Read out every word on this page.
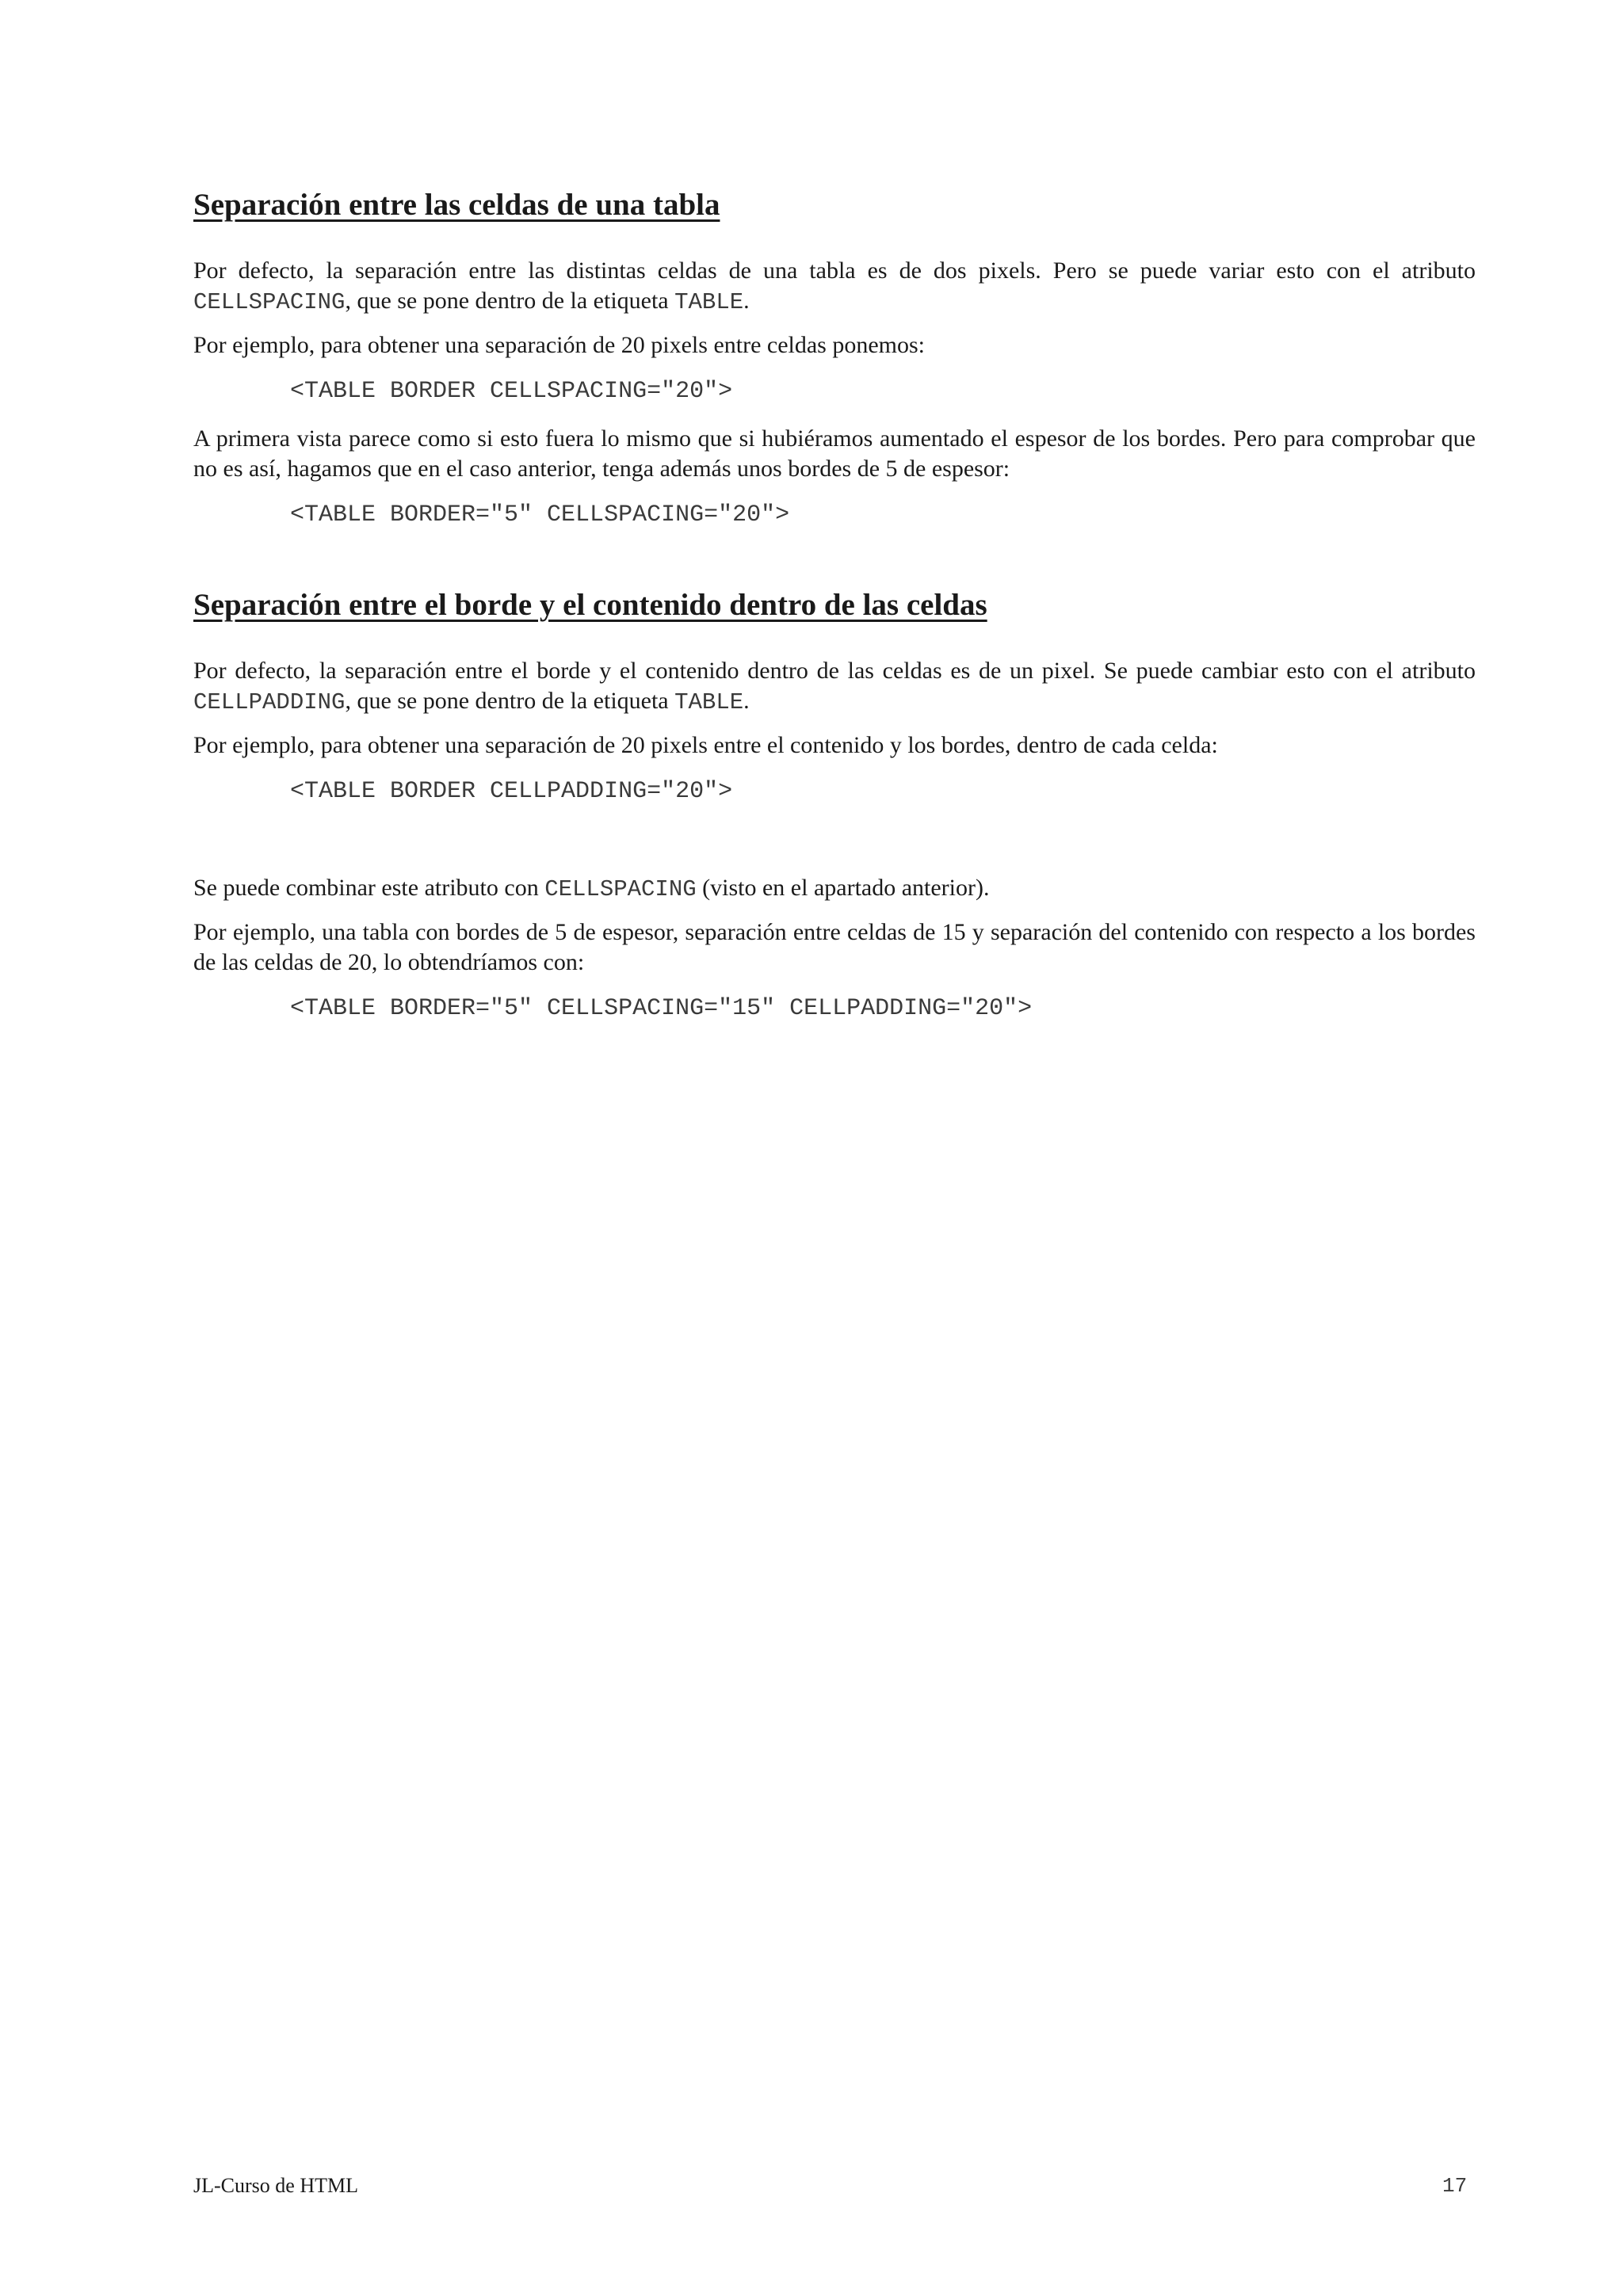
Separación entre las celdas de una tabla

Por defecto, la separación entre las distintas celdas de una tabla es de dos pixels. Pero se puede variar esto con el atributo CELLSPACING, que se pone dentro de la etiqueta TABLE.

Por ejemplo, para obtener una separación de 20 pixels entre celdas ponemos:

<TABLE BORDER CELLSPACING="20">

A primera vista parece como si esto fuera lo mismo que si hubiéramos aumentado el espesor de los bordes. Pero para comprobar que no es así, hagamos que en el caso anterior, tenga además unos bordes de 5 de espesor:

<TABLE BORDER="5" CELLSPACING="20">
Separación entre el borde y el contenido dentro de las celdas

Por defecto, la separación entre el borde y el contenido dentro de las celdas es de un pixel. Se puede cambiar esto con el atributo CELLPADDING, que se pone dentro de la etiqueta TABLE.

Por ejemplo, para obtener una separación de 20 pixels entre el contenido y los bordes, dentro de cada celda:

<TABLE BORDER CELLPADDING="20">

Se puede combinar este atributo con CELLSPACING (visto en el apartado anterior).

Por ejemplo, una tabla con bordes de 5 de espesor, separación entre celdas de 15 y separación del contenido con respecto a los bordes de las celdas de 20, lo obtendríamos con:

<TABLE BORDER="5" CELLSPACING="15" CELLPADDING="20">
JL-Curso de HTML	17
